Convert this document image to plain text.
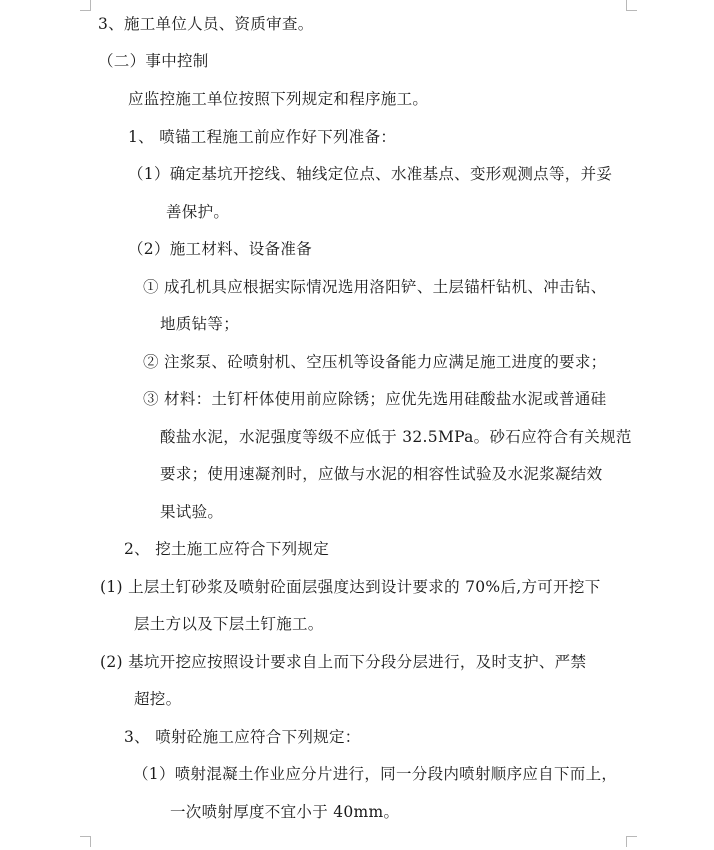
3、施工单位人员、资质审查。
（二）事中控制
应监控施工单位按照下列规定和程序施工。
1、 喷锚工程施工前应作好下列准备：
（1）确定基坑开挖线、轴线定位点、水准基点、变形观测点等，并妥
善保护。
（2）施工材料、设备准备
① 成孔机具应根据实际情况选用洛阳铲、土层锚杆钻机、冲击钻、
地质钻等；
② 注浆泵、砼喷射机、空压机等设备能力应满足施工进度的要求；
③ 材料：土钉杆体使用前应除锈；应优先选用硅酸盐水泥或普通硅
酸盐水泥，水泥强度等级不应低于 32.5MPa。砂石应符合有关规范
要求；使用速凝剂时，应做与水泥的相容性试验及水泥浆凝结效
果试验。
2、 挖土施工应符合下列规定
(1) 上层土钉砂浆及喷射砼面层强度达到设计要求的 70%后,方可开挖下
层土方以及下层土钉施工。
(2) 基坑开挖应按照设计要求自上而下分段分层进行，及时支护、严禁
超挖。
3、 喷射砼施工应符合下列规定：
（1）喷射混凝土作业应分片进行，同一分段内喷射顺序应自下而上，
一次喷射厚度不宜小于 40mm。
